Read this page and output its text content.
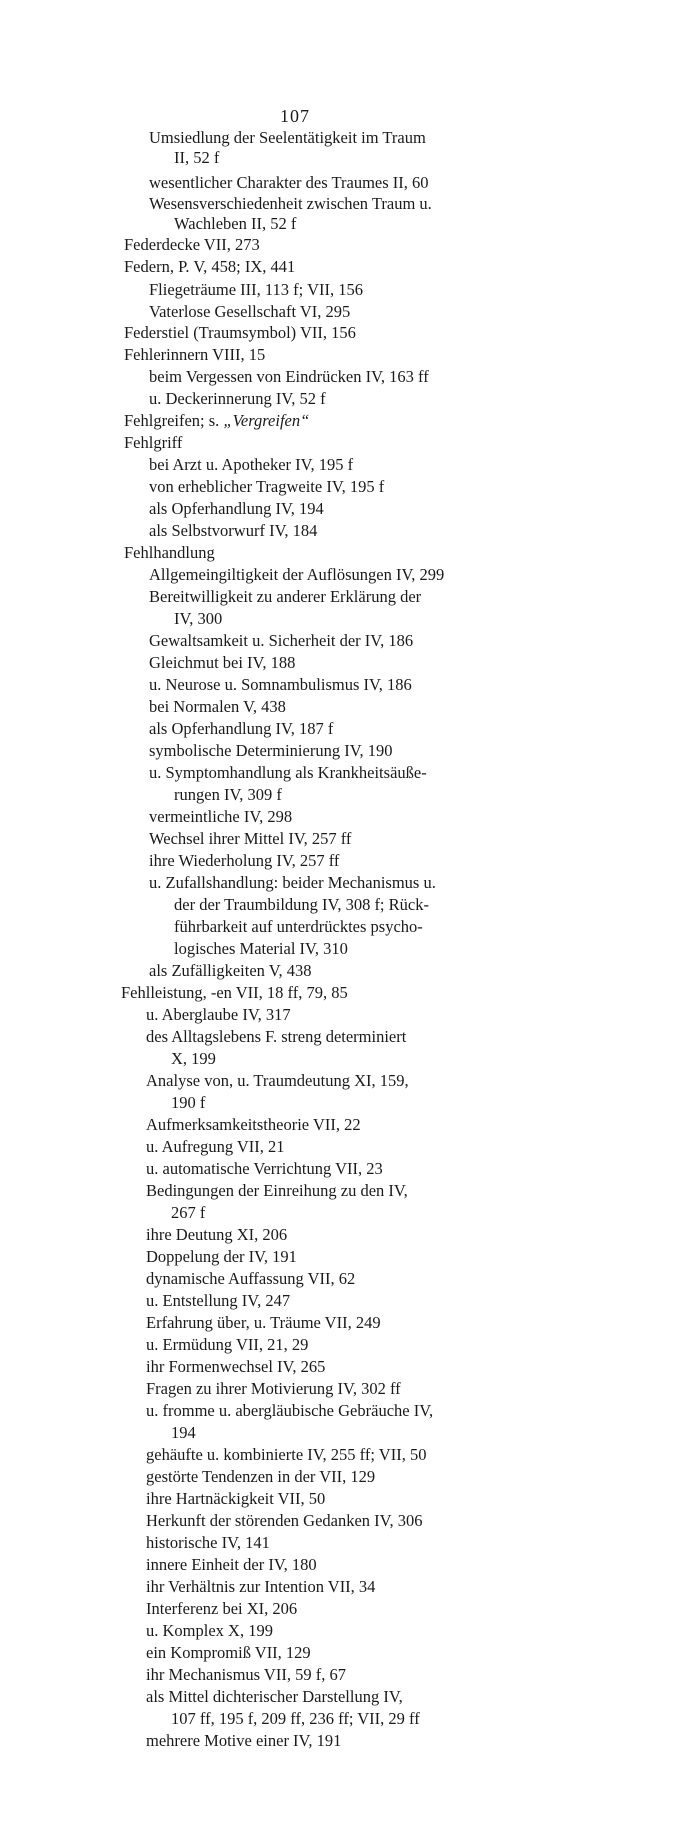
107
Umsiedlung der Seelentätigkeit im Traum
II, 52 f
wesentlicher Charakter des Traumes II, 60
Wesensverschiedenheit zwischen Traum u.
Wachleben II, 52 f
Federdecke VII, 273
Federn, P. V, 458; IX, 441
Fliegeträume III, 113 f; VII, 156
Vaterlose Gesellschaft VI, 295
Federstiel (Traumsymbol) VII, 156
Fehlerinnern VIII, 15
beim Vergessen von Eindrücken IV, 163 ff
u. Deckerinnerung IV, 52 f
Fehlgreifen; s. „Vergreifen“
Fehlgriff
bei Arzt u. Apotheker IV, 195 f
von erheblicher Tragweite IV, 195 f
als Opferhandlung IV, 194
als Selbstvorwurf IV, 184
Fehlhandlung
Allgemeingiltigkeit der Auflösungen IV, 299
Bereitwilligkeit zu anderer Erklärung der
IV, 300
Gewaltsamkeit u. Sicherheit der IV, 186
Gleichmut bei IV, 188
u. Neurose u. Somnambulismus IV, 186
bei Normalen V, 438
als Opferhandlung IV, 187 f
symbolische Determinierung IV, 190
u. Symptomhandlung als Krankheitsäuße-
rungen IV, 309 f
vermeintliche IV, 298
Wechsel ihrer Mittel IV, 257 ff
ihre Wiederholung IV, 257 ff
u. Zufallshandlung: beider Mechanismus u.
der der Traumbildung IV, 308 f; Rück-
führbarkeit auf unterdrücktes psycho-
logisches Material IV, 310
als Zufälligkeiten V, 438
Fehlleistung, -en VII, 18 ff, 79, 85
u. Aberglaube IV, 317
des Alltagslebens F. streng determiniert
X, 199
Analyse von, u. Traumdeutung XI, 159,
190 f
Aufmerksamkeitstheorie VII, 22
u. Aufregung VII, 21
u. automatische Verrichtung VII, 23
Bedingungen der Einreihung zu den IV,
267 f
ihre Deutung XI, 206
Doppelung der IV, 191
dynamische Auffassung VII, 62
u. Entstellung IV, 247
Erfahrung über, u. Träume VII, 249
u. Ermüdung VII, 21, 29
ihr Formenwechsel IV, 265
Fragen zu ihrer Motivierung IV, 302 ff
u. fromme u. abergläubische Gebräuche IV,
194
gehäufte u. kombinierte IV, 255 ff; VII, 50
gestörte Tendenzen in der VII, 129
ihre Hartnäckigkeit VII, 50
Herkunft der störenden Gedanken IV, 306
historische IV, 141
innere Einheit der IV, 180
ihr Verhältnis zur Intention VII, 34
Interferenz bei XI, 206
u. Komplex X, 199
ein Kompromiß VII, 129
ihr Mechanismus VII, 59 f, 67
als Mittel dichterischer Darstellung IV,
107 ff, 195 f, 209 ff, 236 ff; VII, 29 ff
mehrere Motive einer IV, 191
